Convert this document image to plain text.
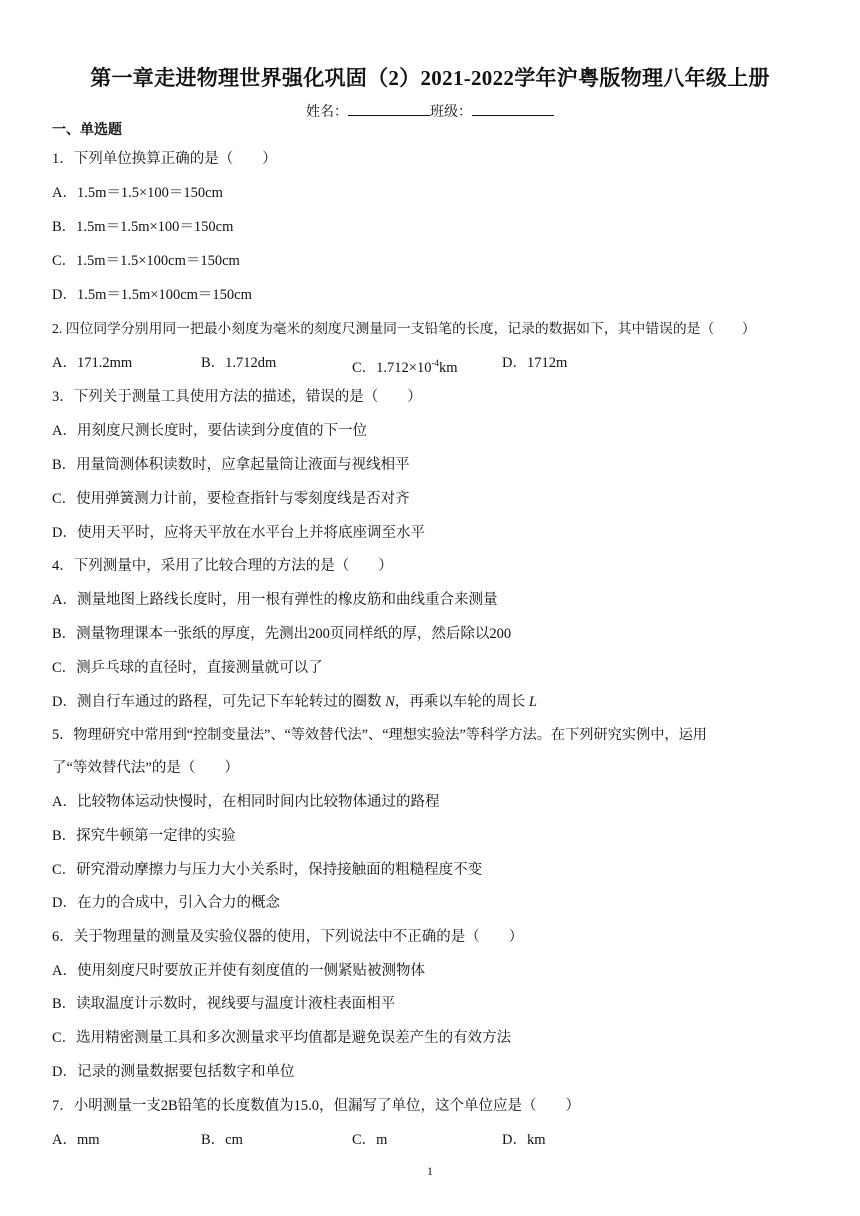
第一章走进物理世界强化巩固（2）2021-2022学年沪粤版物理八年级上册
姓名：	班级：
一、单选题
1．下列单位换算正确的是（　　）
A．1.5m＝1.5×100＝150cm
B．1.5m＝1.5m×100＝150cm
C．1.5m＝1.5×100cm＝150cm
D．1.5m＝1.5m×100cm＝150cm
2. 四位同学分别用同一把最小刻度为毫米的刻度尺测量同一支铅笔的长度，记录的数据如下，其中错误的是（　　）
A．171.2mm	B．1.712dm	C．$1.712\times 10^{-4}km$	D．1712m
3．下列关于测量工具使用方法的描述，错误的是（　　）
A．用刻度尺测长度时，要估读到分度值的下一位
B．用量筒测体积读数时，应拿起量筒让液面与视线相平
C．使用弹簧测力计前，要检查指针与零刻度线是否对齐
D．使用天平时，应将天平放在水平台上并将底座调至水平
4．下列测量中，采用了比较合理的方法的是（　　）
A．测量地图上路线长度时，用一根有弹性的橡皮筋和曲线重合来测量
B．测量物理课本一张纸的厚度，先测出200页同样纸的厚，然后除以200
C．测乒乓球的直径时，直接测量就可以了
D．测自行车通过的路程，可先记下车轮转过的圈数 N，再乘以车轮的周长 L
5．物理研究中常用到“控制变量法”、“等效替代法”、“理想实验法”等科学方法。在下列研究实例中，运用
了“等效替代法”的是（　　）
A．比较物体运动快慢时，在相同时间内比较物体通过的路程
B．探究牛顿第一定律的实验
C．研究滑动摩擦力与压力大小关系时，保持接触面的粗糙程度不变
D．在力的合成中，引入合力的概念
6．关于物理量的测量及实验仪器的使用，下列说法中不正确的是（　　）
A．使用刻度尺时要放正并使有刻度值的一侧紧贴被测物体
B．读取温度计示数时，视线要与温度计液柱表面相平
C．选用精密测量工具和多次测量求平均值都是避免误差产生的有效方法
D．记录的测量数据要包括数字和单位
7．小明测量一支2B铅笔的长度数值为15.0，但漏写了单位，这个单位应是（　　）
A．mm	B．cm	C．m	D．km
1
